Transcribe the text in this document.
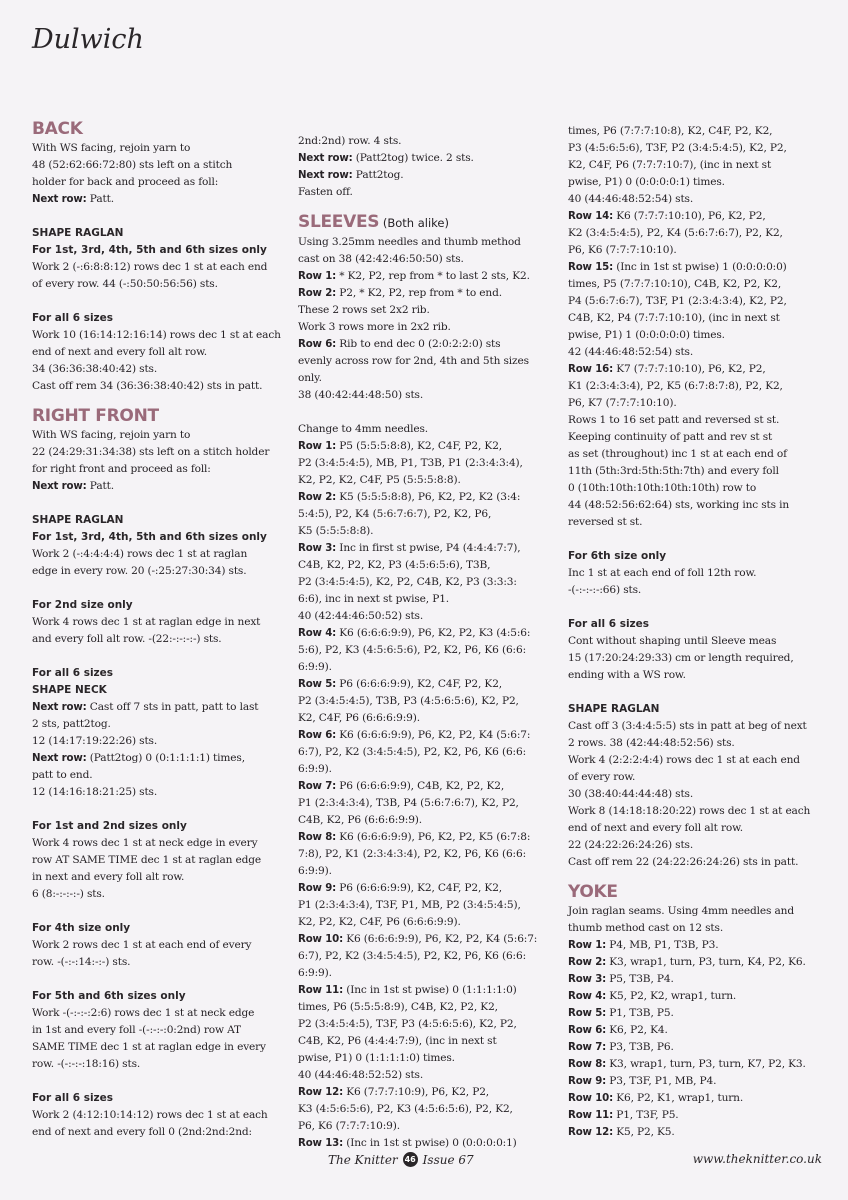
Dulwich
BACK
With WS facing, rejoin yarn to
48 (52:62:66:72:80) sts left on a stitch
holder for back and proceed as foll:
Next row: Patt.
SHAPE RAGLAN
For 1st, 3rd, 4th, 5th and 6th sizes only
Work 2 (-:6:8:8:12) rows dec 1 st at each end
of every row. 44 (-:50:50:56:56) sts.
For all 6 sizes
Work 10 (16:14:12:16:14) rows dec 1 st at each
end of next and every foll alt row.
34 (36:36:38:40:42) sts.
Cast off rem 34 (36:36:38:40:42) sts in patt.
RIGHT FRONT
With WS facing, rejoin yarn to
22 (24:29:31:34:38) sts left on a stitch holder
for right front and proceed as foll:
Next row: Patt.
SHAPE RAGLAN
For 1st, 3rd, 4th, 5th and 6th sizes only
Work 2 (-:4:4:4:4) rows dec 1 st at raglan
edge in every row. 20 (-:25:27:30:34) sts.
For 2nd size only
Work 4 rows dec 1 st at raglan edge in next
and every foll alt row. -(22:-:-:-:-) sts.
For all 6 sizes
SHAPE NECK
Next row: Cast off 7 sts in patt, patt to last
2 sts, patt2tog.
12 (14:17:19:22:26) sts.
Next row: (Patt2tog) 0 (0:1:1:1:1) times,
patt to end.
12 (14:16:18:21:25) sts.
For 1st and 2nd sizes only
Work 4 rows dec 1 st at neck edge in every
row AT SAME TIME dec 1 st at raglan edge
in next and every foll alt row.
6 (8:-:-:-:-) sts.
For 4th size only
Work 2 rows dec 1 st at each end of every
row. -(-:-:14:-:-) sts.
For 5th and 6th sizes only
Work -(-:-:-:2:6) rows dec 1 st at neck edge
in 1st and every foll -(-:-:-:0:2nd) row AT
SAME TIME dec 1 st at raglan edge in every
row. -(-:-:-:18:16) sts.
For all 6 sizes
Work 2 (4:12:10:14:12) rows dec 1 st at each
end of next and every foll 0 (2nd:2nd:2nd:
2nd:2nd) row. 4 sts.
Next row: (Patt2tog) twice. 2 sts.
Next row: Patt2tog.
Fasten off.
SLEEVES (Both alike)
Using 3.25mm needles and thumb method
cast on 38 (42:42:46:50:50) sts.
Row 1: * K2, P2, rep from * to last 2 sts, K2.
Row 2: P2, * K2, P2, rep from * to end.
These 2 rows set 2x2 rib.
Work 3 rows more in 2x2 rib.
Row 6: Rib to end dec 0 (2:0:2:2:0) sts
evenly across row for 2nd, 4th and 5th sizes
only.
38 (40:42:44:48:50) sts.
Change to 4mm needles.
Row 1: P5 (5:5:5:8:8), K2, C4F, P2, K2,
P2 (3:4:5:4:5), MB, P1, T3B, P1 (2:3:4:3:4),
K2, P2, K2, C4F, P5 (5:5:5:8:8).
Row 2: K5 (5:5:5:8:8), P6, K2, P2, K2 (3:4:
5:4:5), P2, K4 (5:6:7:6:7), P2, K2, P6,
K5 (5:5:5:8:8).
Row 3: Inc in first st pwise, P4 (4:4:4:7:7),
C4B, K2, P2, K2, P3 (4:5:6:5:6), T3B,
P2 (3:4:5:4:5), K2, P2, C4B, K2, P3 (3:3:3:
6:6), inc in next st pwise, P1.
40 (42:44:46:50:52) sts.
Row 4: K6 (6:6:6:9:9), P6, K2, P2, K3 (4:5:6:
5:6), P2, K3 (4:5:6:5:6), P2, K2, P6, K6 (6:6:
6:9:9).
Row 5: P6 (6:6:6:9:9), K2, C4F, P2, K2,
P2 (3:4:5:4:5), T3B, P3 (4:5:6:5:6), K2, P2,
K2, C4F, P6 (6:6:6:9:9).
Row 6: K6 (6:6:6:9:9), P6, K2, P2, K4 (5:6:7:
6:7), P2, K2 (3:4:5:4:5), P2, K2, P6, K6 (6:6:
6:9:9).
Row 7: P6 (6:6:6:9:9), C4B, K2, P2, K2,
P1 (2:3:4:3:4), T3B, P4 (5:6:7:6:7), K2, P2,
C4B, K2, P6 (6:6:6:9:9).
Row 8: K6 (6:6:6:9:9), P6, K2, P2, K5 (6:7:8:
7:8), P2, K1 (2:3:4:3:4), P2, K2, P6, K6 (6:6:
6:9:9).
Row 9: P6 (6:6:6:9:9), K2, C4F, P2, K2,
P1 (2:3:4:3:4), T3F, P1, MB, P2 (3:4:5:4:5),
K2, P2, K2, C4F, P6 (6:6:6:9:9).
Row 10: K6 (6:6:6:9:9), P6, K2, P2, K4 (5:6:7:
6:7), P2, K2 (3:4:5:4:5), P2, K2, P6, K6 (6:6:
6:9:9).
Row 11: (Inc in 1st st pwise) 0 (1:1:1:1:0)
times, P6 (5:5:5:8:9), C4B, K2, P2, K2,
P2 (3:4:5:4:5), T3F, P3 (4:5:6:5:6), K2, P2,
C4B, K2, P6 (4:4:4:7:9), (inc in next st
pwise, P1) 0 (1:1:1:1:0) times.
40 (44:46:48:52:52) sts.
Row 12: K6 (7:7:7:10:9), P6, K2, P2,
K3 (4:5:6:5:6), P2, K3 (4:5:6:5:6), P2, K2,
P6, K6 (7:7:7:10:9).
Row 13: (Inc in 1st st pwise) 0 (0:0:0:0:1)
times, P6 (7:7:7:10:8), K2, C4F, P2, K2,
P3 (4:5:6:5:6), T3F, P2 (3:4:5:4:5), K2, P2,
K2, C4F, P6 (7:7:7:10:7), (inc in next st
pwise, P1) 0 (0:0:0:0:1) times.
40 (44:46:48:52:54) sts.
Row 14: K6 (7:7:7:10:10), P6, K2, P2,
K2 (3:4:5:4:5), P2, K4 (5:6:7:6:7), P2, K2,
P6, K6 (7:7:7:10:10).
Row 15: (Inc in 1st st pwise) 1 (0:0:0:0:0)
times, P5 (7:7:7:10:10), C4B, K2, P2, K2,
P4 (5:6:7:6:7), T3F, P1 (2:3:4:3:4), K2, P2,
C4B, K2, P4 (7:7:7:10:10), (inc in next st
pwise, P1) 1 (0:0:0:0:0) times.
42 (44:46:48:52:54) sts.
Row 16: K7 (7:7:7:10:10), P6, K2, P2,
K1 (2:3:4:3:4), P2, K5 (6:7:8:7:8), P2, K2,
P6, K7 (7:7:7:10:10).
Rows 1 to 16 set patt and reversed st st.
Keeping continuity of patt and rev st st
as set (throughout) inc 1 st at each end of
11th (5th:3rd:5th:5th:7th) and every foll
0 (10th:10th:10th:10th:10th) row to
44 (48:52:56:62:64) sts, working inc sts in
reversed st st.
For 6th size only
Inc 1 st at each end of foll 12th row.
-(-:-:-:-:66) sts.
For all 6 sizes
Cont without shaping until Sleeve meas
15 (17:20:24:29:33) cm or length required,
ending with a WS row.
SHAPE RAGLAN
Cast off 3 (3:4:4:5:5) sts in patt at beg of next
2 rows. 38 (42:44:48:52:56) sts.
Work 4 (2:2:2:4:4) rows dec 1 st at each end
of every row.
30 (38:40:44:44:48) sts.
Work 8 (14:18:18:20:22) rows dec 1 st at each
end of next and every foll alt row.
22 (24:22:26:24:26) sts.
Cast off rem 22 (24:22:26:24:26) sts in patt.
YOKE
Join raglan seams. Using 4mm needles and
thumb method cast on 12 sts.
Row 1: P4, MB, P1, T3B, P3.
Row 2: K3, wrap1, turn, P3, turn, K4, P2, K6.
Row 3: P5, T3B, P4.
Row 4: K5, P2, K2, wrap1, turn.
Row 5: P1, T3B, P5.
Row 6: K6, P2, K4.
Row 7: P3, T3B, P6.
Row 8: K3, wrap1, turn, P3, turn, K7, P2, K3.
Row 9: P3, T3F, P1, MB, P4.
Row 10: K6, P2, K1, wrap1, turn.
Row 11: P1, T3F, P5.
Row 12: K5, P2, K5.
The Knitter 46 Issue 67	www.theknitter.co.uk
